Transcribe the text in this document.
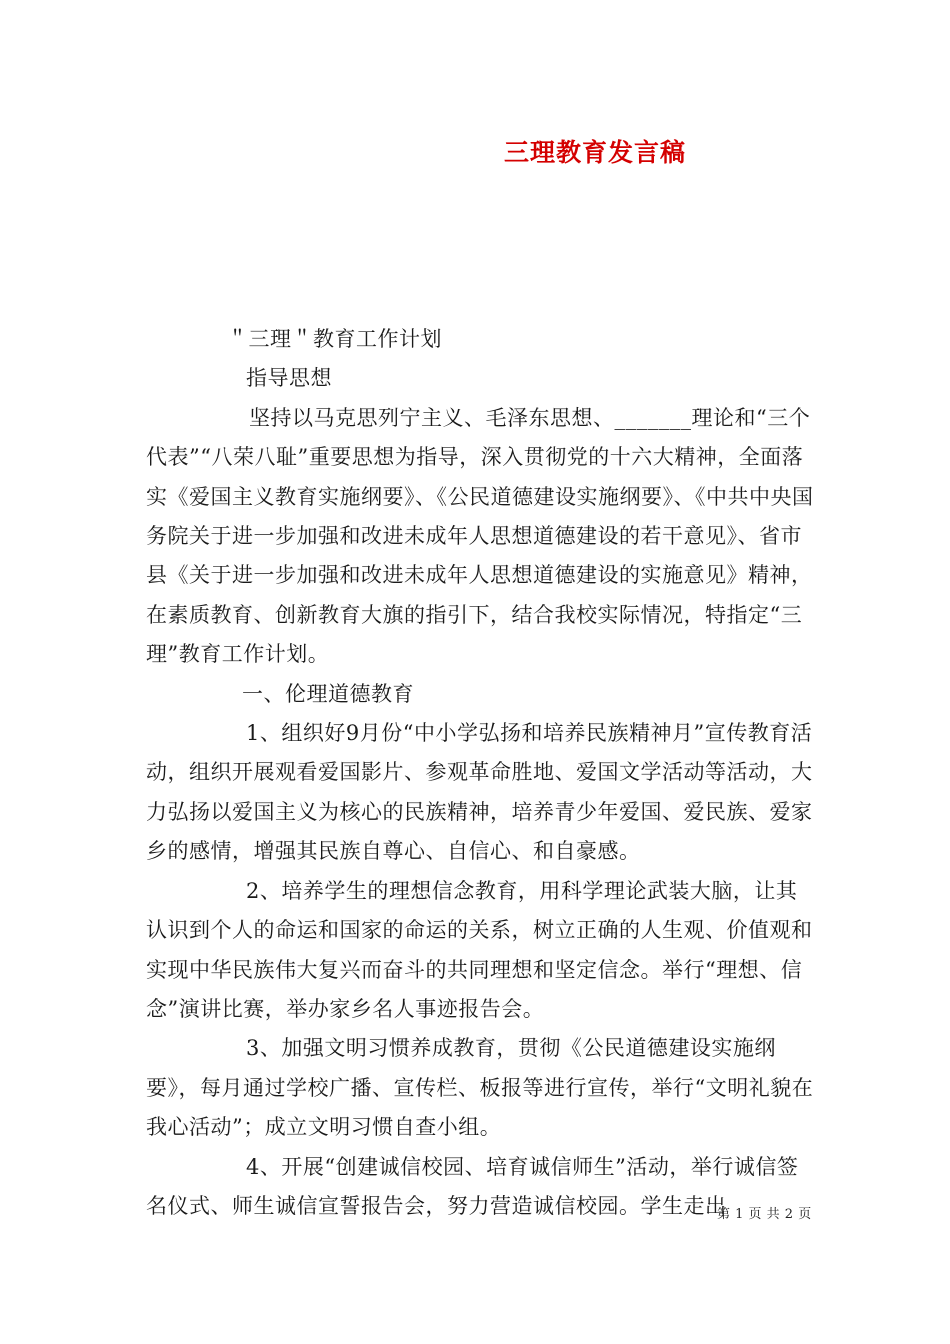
三理教育发言稿

＂三理＂教育工作计划

指导思想

坚持以马克思列宁主义、毛泽东思想、_______理论和“三个代表”“八荣八耻”重要思想为指导，深入贯彻党的十六大精神，全面落实《爱国主义教育实施纲要》、《公民道德建设实施纲要》、《中共中央国务院关于进一步加强和改进未成年人思想道德建设的若干意见》、省市县《关于进一步加强和改进未成年人思想道德建设的实施意见》精神，在素质教育、创新教育大旗的指引下，结合我校实际情况，特指定“三理”教育工作计划。

一、伦理道德教育

1、组织好9月份“中小学弘扬和培养民族精神月”宣传教育活动，组织开展观看爱国影片、参观革命胜地、爱国文学活动等活动，大力弘扬以爱国主义为核心的民族精神，培养青少年爱国、爱民族、爱家乡的感情，增强其民族自尊心、自信心、和自豪感。

2、培养学生的理想信念教育，用科学理论武装大脑，让其认识到个人的命运和国家的命运的关系，树立正确的人生观、价值观和实现中华民族伟大复兴而奋斗的共同理想和坚定信念。举行“理想、信念”演讲比赛，举办家乡名人事迹报告会。

3、加强文明习惯养成教育，贯彻《公民道德建设实施纲要》，每月通过学校广播、宣传栏、板报等进行宣传，举行“文明礼貌在我心活动”；成立文明习惯自查小组。

4、开展“创建诚信校园、培育诚信师生”活动，举行诚信签名仪式、师生诚信宣誓报告会，努力营造诚信校园。学生走出

第 1 页 共 2 页
